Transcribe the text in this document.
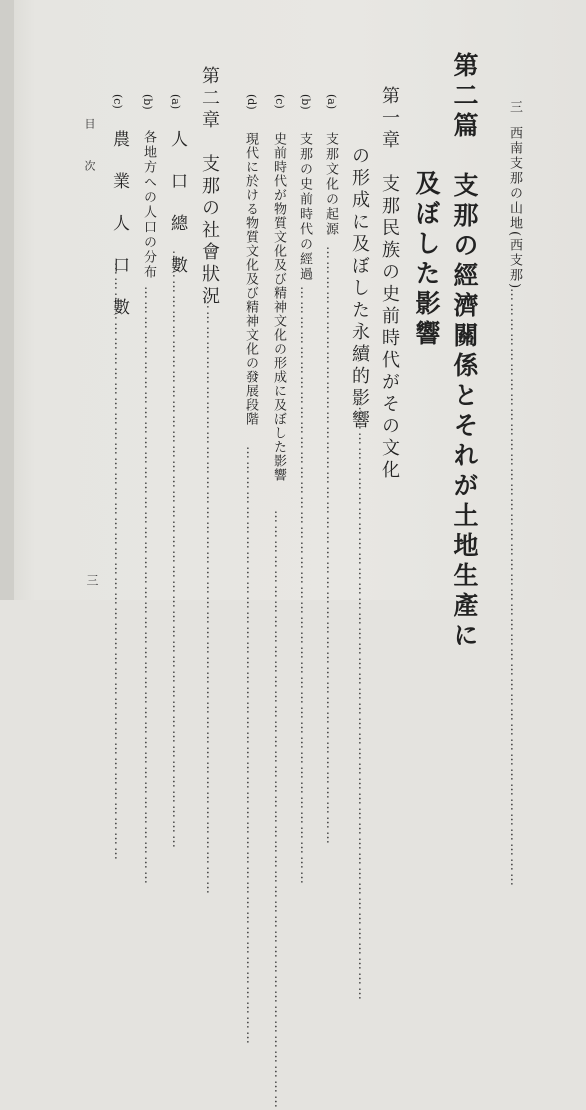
三
西南支那の山地(西支那)
…………………………………………………………………………………………………………
第二篇　支那の經濟關係とそれが土地生產に
及ぼした影響
第一章　支那民族の史前時代がその文化
の形成に及ぼした永續的影響
…………………………………………………………………………………………………………
(a)
支那文化の起源
…………………………………………………………………………………………………………
(b)
支那の史前時代の經過
…………………………………………………………………………………………………………
(c)
史前時代が物質文化及び精神文化の形成に及ぼした影響
…………………………………………………………………………………………………………
(d)
現代に於ける物質文化及び精神文化の發展段階
…………………………………………………………………………………………………………
第二章　支那の社會狀況
…………………………………………………………………………………………………………
(a)
人　口　總　數
…………………………………………………………………………………………………………
(b)
各地方への人口の分布
…………………………………………………………………………………………………………
(c)
農　業　人　口　數
…………………………………………………………………………………………………………
目　次
三
